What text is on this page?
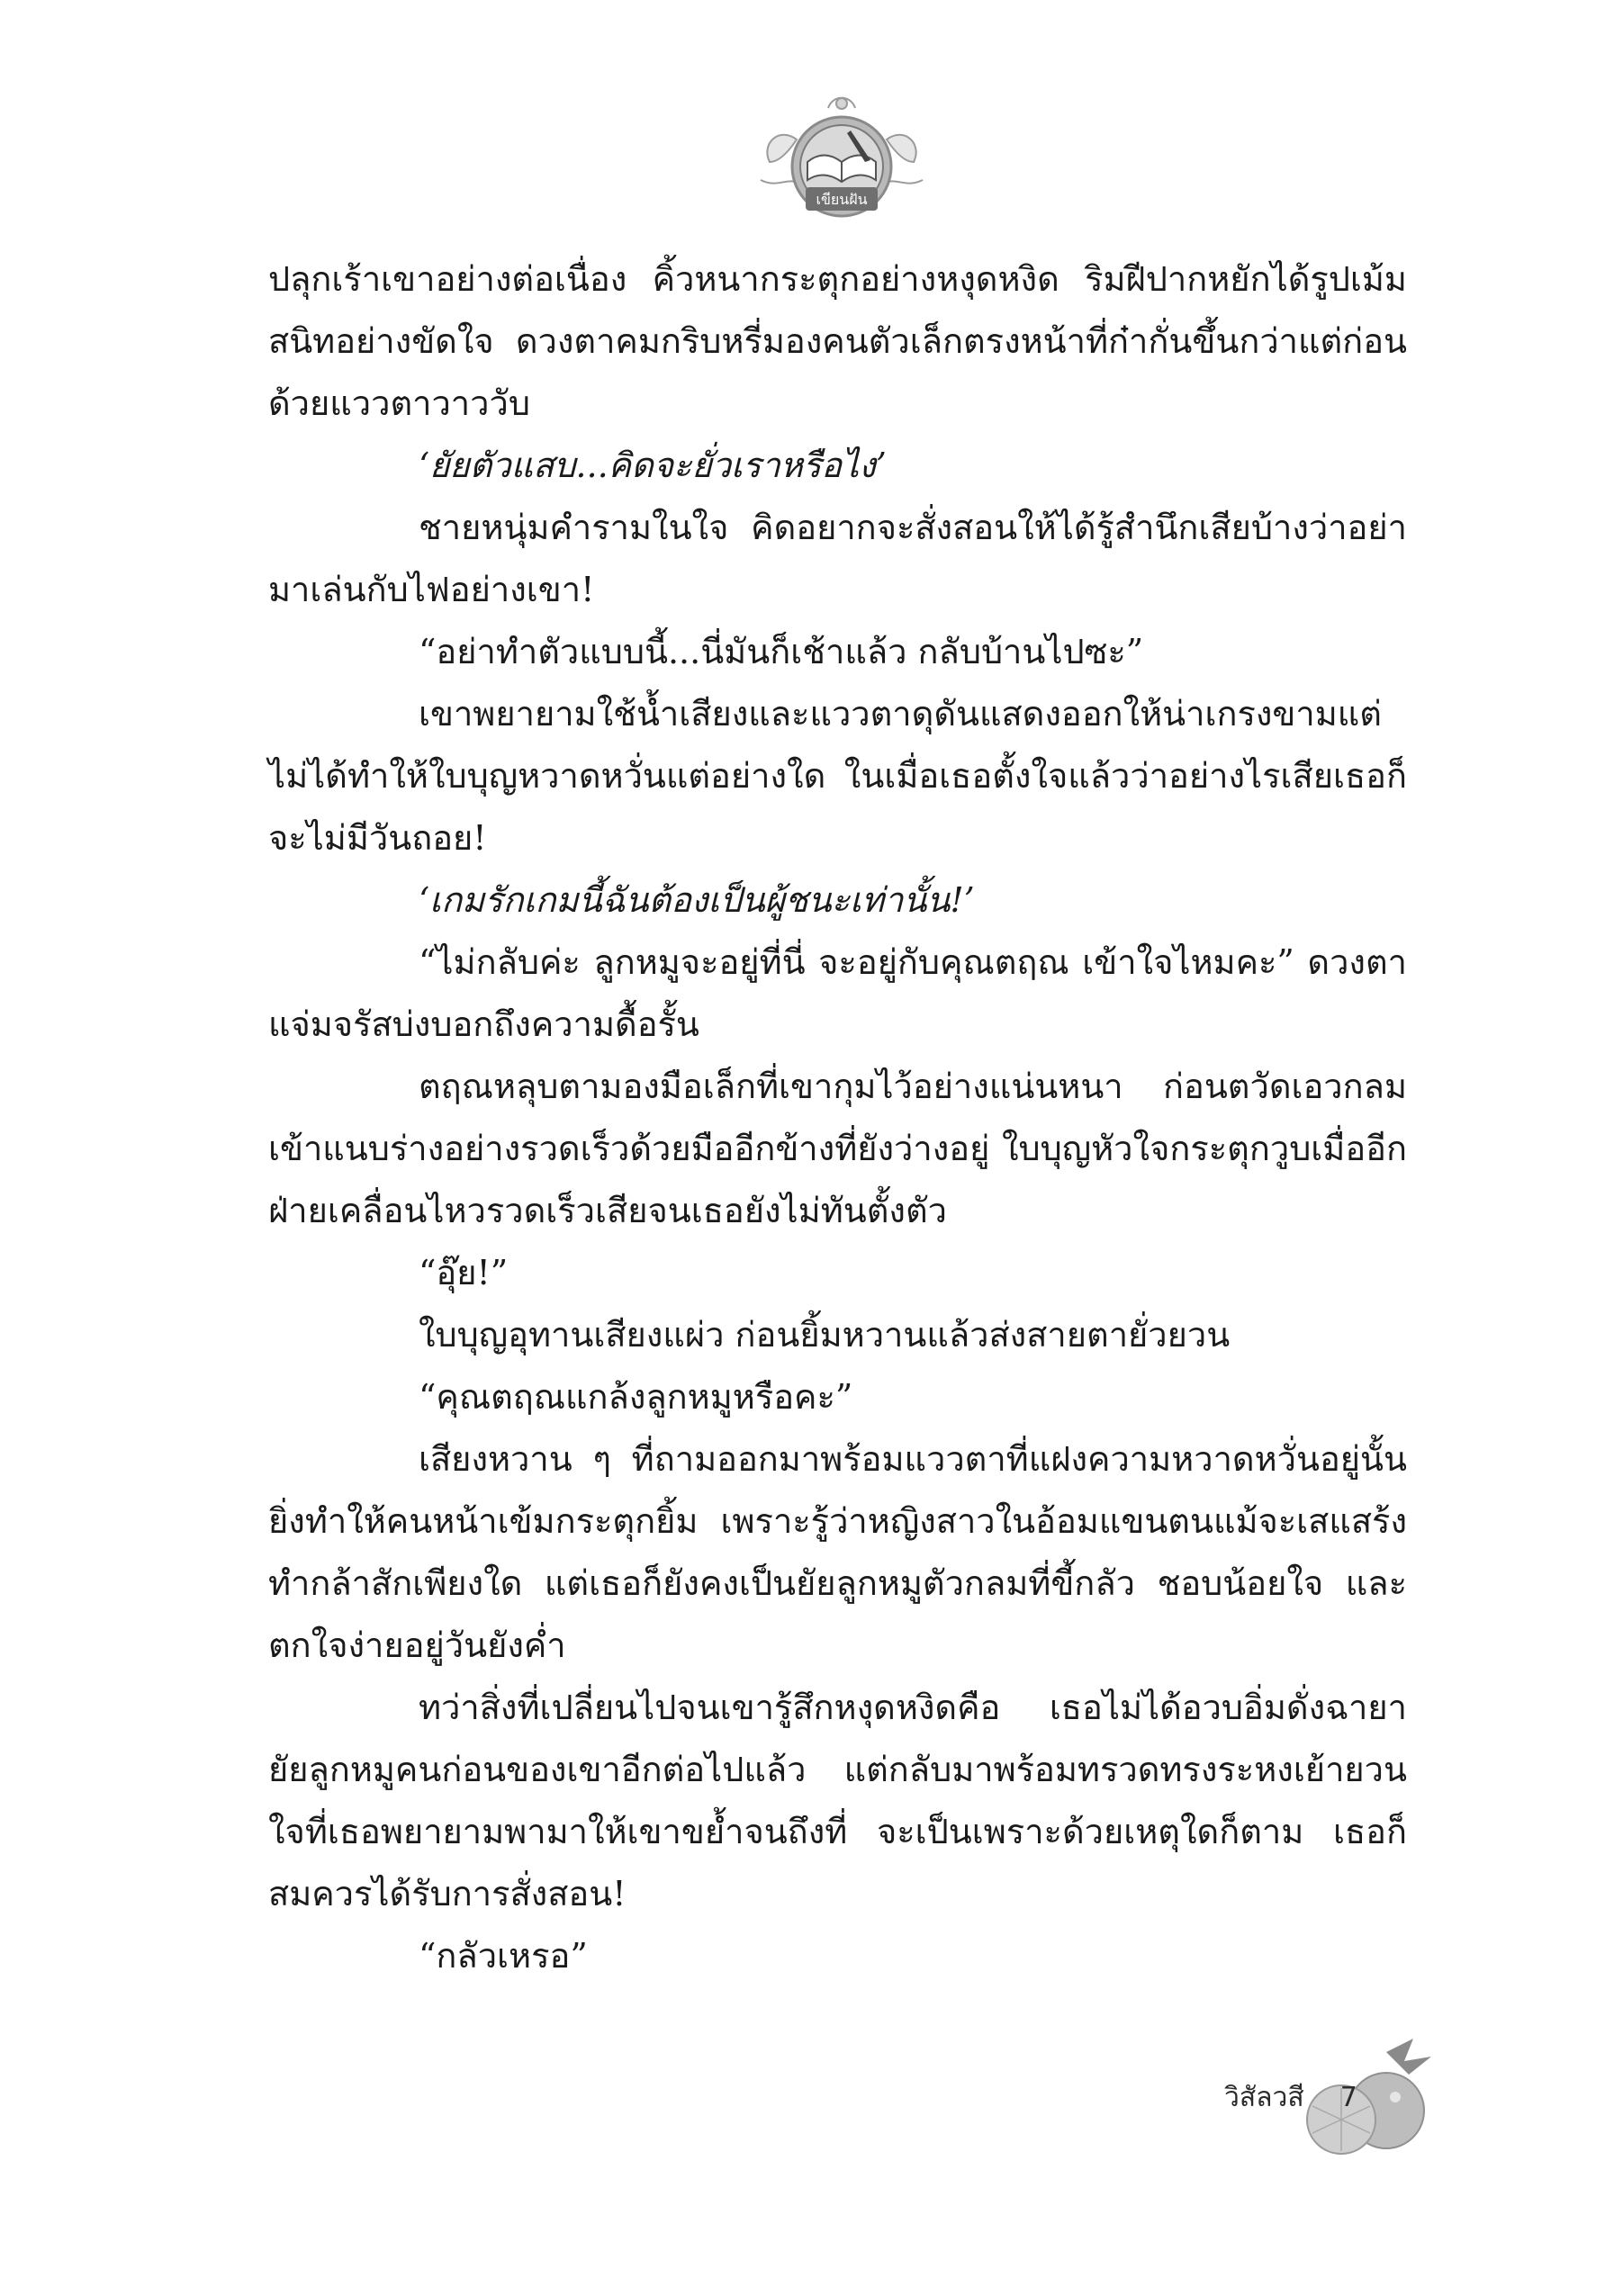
เขียนฝัน

ปลุกเร้าเขาอย่างต่อเนื่อง คิ้วหนากระตุกอย่างหงุดหงิด ริมฝีปากหยักได้รูปเม้มสนิทอย่างขัดใจ ดวงตาคมกริบหรี่มองคนตัวเล็กตรงหน้าที่ก๋ากั่นขึ้นกว่าแต่ก่อนด้วยแววตาวาววับ

‘ยัยตัวแสบ...คิดจะยั่วเราหรือไง’

ชายหนุ่มคำรามในใจ คิดอยากจะสั่งสอนให้ได้รู้สำนึกเสียบ้างว่าอย่ามาเล่นกับไฟอย่างเขา!

“อย่าทำตัวแบบนี้...นี่มันก็เช้าแล้ว กลับบ้านไปซะ”

เขาพยายามใช้น้ำเสียงและแววตาดุดันแสดงออกให้น่าเกรงขามแต่ไม่ได้ทำให้ใบบุญหวาดหวั่นแต่อย่างใด ในเมื่อเธอตั้งใจแล้วว่าอย่างไรเสียเธอก็จะไม่มีวันถอย!

‘เกมรักเกมนี้ฉันต้องเป็นผู้ชนะเท่านั้น!’

“ไม่กลับค่ะ ลูกหมูจะอยู่ที่นี่ จะอยู่กับคุณตฤณ เข้าใจไหมคะ” ดวงตาแจ่มจรัสบ่งบอกถึงความดื้อรั้น

ตฤณหลุบตามองมือเล็กที่เขากุมไว้อย่างแน่นหนา ก่อนตวัดเอวกลมเข้าแนบร่างอย่างรวดเร็วด้วยมืออีกข้างที่ยังว่างอยู่ ใบบุญหัวใจกระตุกวูบเมื่ออีกฝ่ายเคลื่อนไหวรวดเร็วเสียจนเธอยังไม่ทันตั้งตัว

“อุ๊ย!”

ใบบุญอุทานเสียงแผ่ว ก่อนยิ้มหวานแล้วส่งสายตายั่วยวน

“คุณตฤณแกล้งลูกหมูหรือคะ”

เสียงหวาน ๆ ที่ถามออกมาพร้อมแววตาที่แฝงความหวาดหวั่นอยู่นั้นยิ่งทำให้คนหน้าเข้มกระตุกยิ้ม เพราะรู้ว่าหญิงสาวในอ้อมแขนตนแม้จะเสแสร้งทำกล้าสักเพียงใด แต่เธอก็ยังคงเป็นยัยลูกหมูตัวกลมที่ขี้กลัว ชอบน้อยใจ และตกใจง่ายอยู่วันยังค่ำ

ทว่าสิ่งที่เปลี่ยนไปจนเขารู้สึกหงุดหงิดคือ เธอไม่ได้อวบอิ่มดั่งฉายายัยลูกหมูคนก่อนของเขาอีกต่อไปแล้ว แต่กลับมาพร้อมทรวดทรงระหงเย้ายวนใจที่เธอพยายามพามาให้เขาขย้ำจนถึงที่ จะเป็นเพราะด้วยเหตุใดก็ตาม เธอก็สมควรได้รับการสั่งสอน!

“กลัวเหรอ”

วิสัลวสี 7
